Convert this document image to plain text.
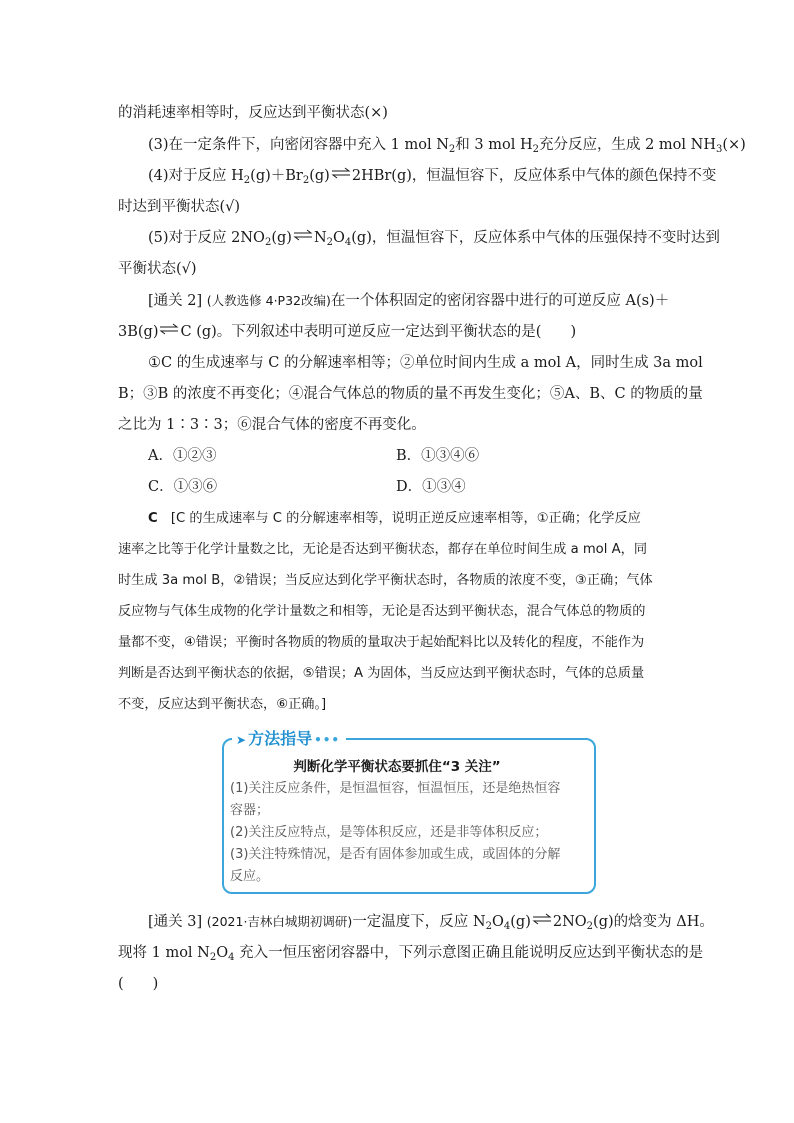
的消耗速率相等时，反应达到平衡状态(×)
(3)在一定条件下，向密闭容器中充入 1 mol $N_2$和 3 mol $H_2$充分反应，生成 2 mol $NH_3(\times)$
(4)对于反应 $H_2(g)+Br_2(g)\rightleftharpoons 2HBr(g)$，恒温恒容下，反应体系中气体的颜色保持不变
时达到平衡状态(√)
(5)对于反应 $2NO_2(g)\rightleftharpoons N_2O_4(g)$，恒温恒容下，反应体系中气体的压强保持不变时达到
平衡状态(√)
[通关 2] (人教选修 4·P32改编)在一个体积固定的密闭容器中进行的可逆反应 A(s)＋
3B(g)⇌C (g)。下列叙述中表明可逆反应一定达到平衡状态的是(　　)
①C 的生成速率与 C 的分解速率相等；②单位时间内生成 a mol A，同时生成 3a mol
B；③B 的浓度不再变化；④混合气体总的物质的量不再发生变化；⑤A、B、C 的物质的量
之比为 1∶3∶3；⑥混合气体的密度不再变化。
A．①②③	B．①③④⑥
C．①③⑥	D．①③④
C　 [C 的生成速率与 C 的分解速率相等，说明正逆反应速率相等，①正确；化学反应
速率之比等于化学计量数之比，无论是否达到平衡状态，都存在单位时间生成 a mol A，同
时生成 3a mol B，②错误；当反应达到化学平衡状态时，各物质的浓度不变，③正确；气体
反应物与气体生成物的化学计量数之和相等，无论是否达到平衡状态，混合气体总的物质的
量都不变，④错误；平衡时各物质的物质的量取决于起始配料比以及转化的程度，不能作为
判断是否达到平衡状态的依据，⑤错误；A 为固体，当反应达到平衡状态时，气体的总质量
不变，反应达到平衡状态，⑥正确。]
➤ 方法指导 •••
判断化学平衡状态要抓住“3 关注”
(1)关注反应条件，是恒温恒容，恒温恒压，还是绝热恒容
容器；
(2)关注反应特点，是等体积反应，还是非等体积反应；
(3)关注特殊情况，是否有固体参加或生成，或固体的分解
反应。
[通关 3] (2021·吉林白城期初调研)一定温度下，反应 $N_2O_4(g)\rightleftharpoons 2NO_2(g)$的焓变为 ΔH。
现将 1 mol $N_2O_4$ 充入一恒压密闭容器中，下列示意图正确且能说明反应达到平衡状态的是
(　　)
